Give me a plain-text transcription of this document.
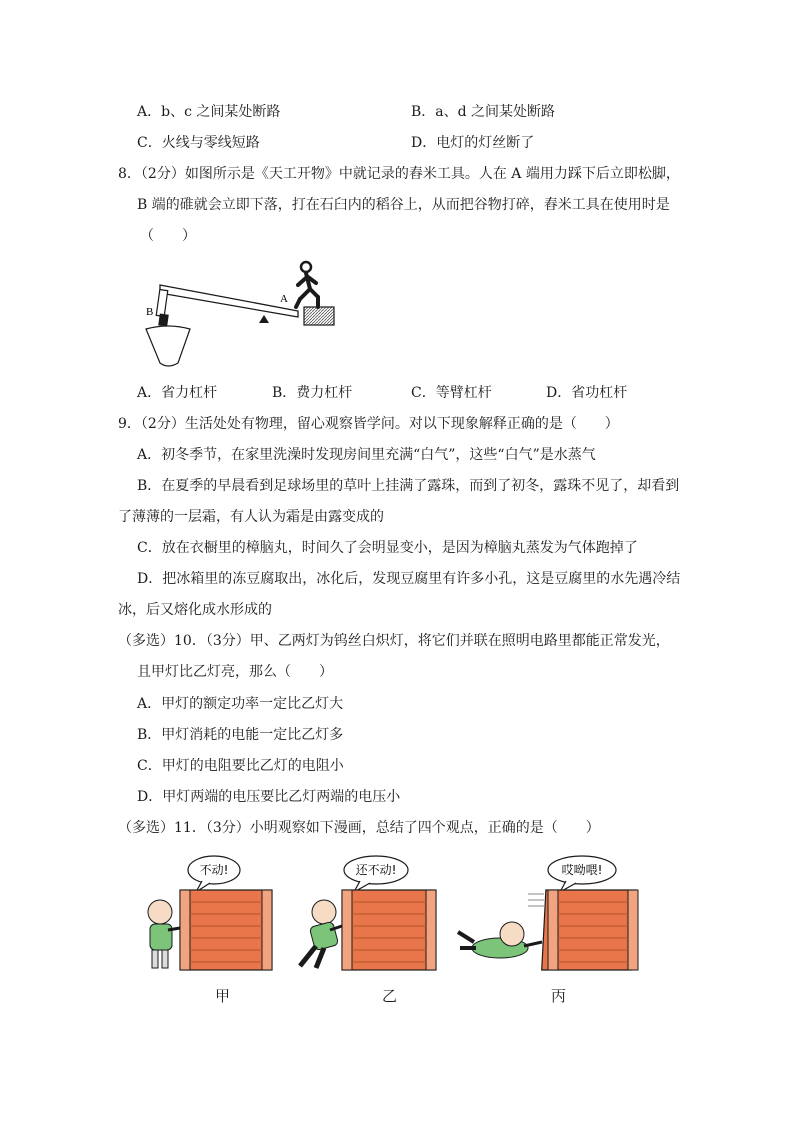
A．b、c 之间某处断路	B．a、d 之间某处断路
C．火线与零线短路	D．电灯的灯丝断了
8．（2分）如图所示是《天工开物》中就记录的舂米工具。人在 A 端用力踩下后立即松脚，
B 端的碓就会立即下落，打在石臼内的稻谷上，从而把谷物打碎，舂米工具在使用时是
（　　）
A
B
A．省力杠杆	B．费力杠杆	C．等臂杠杆	D．省功杠杆
9．（2分）生活处处有物理，留心观察皆学问。对以下现象解释正确的是（　　）
A．初冬季节，在家里洗澡时发现房间里充满“白气”，这些“白气”是水蒸气
B．在夏季的早晨看到足球场里的草叶上挂满了露珠，而到了初冬，露珠不见了，却看到
了薄薄的一层霜，有人认为霜是由露变成的
C．放在衣橱里的樟脑丸，时间久了会明显变小，是因为樟脑丸蒸发为气体跑掉了
D．把冰箱里的冻豆腐取出，冰化后，发现豆腐里有许多小孔，这是豆腐里的水先遇冷结
冰，后又熔化成水形成的
（多选）10．（3分）甲、乙两灯为钨丝白炽灯，将它们并联在照明电路里都能正常发光，
且甲灯比乙灯亮，那么（　　）
A．甲灯的额定功率一定比乙灯大
B．甲灯消耗的电能一定比乙灯多
C．甲灯的电阻要比乙灯的电阻小
D．甲灯两端的电压要比乙灯两端的电压小
（多选）11．（3分）小明观察如下漫画，总结了四个观点，正确的是（　　）
不动!
甲
还不动!
乙
哎呦喂!
丙
